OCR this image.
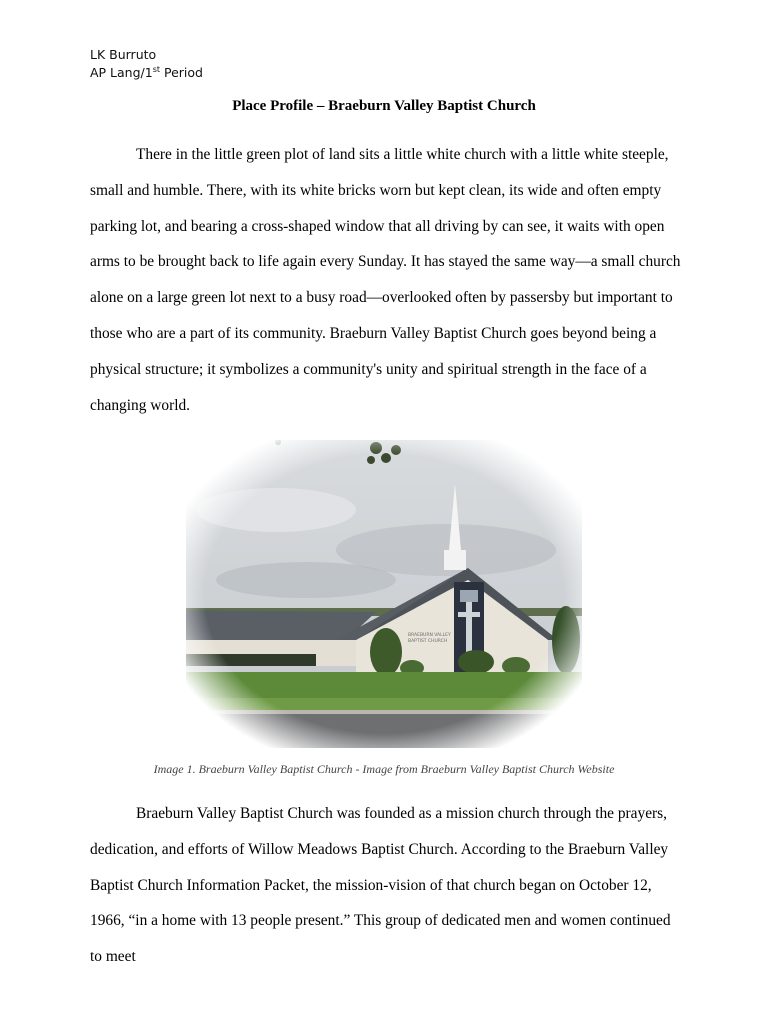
LK Burruto
AP Lang/1st Period
Place Profile – Braeburn Valley Baptist Church

There in the little green plot of land sits a little white church with a little white steeple, small and humble. There, with its white bricks worn but kept clean, its wide and often empty parking lot, and bearing a cross-shaped window that all driving by can see, it waits with open arms to be brought back to life again every Sunday. It has stayed the same way—a small church alone on a large green lot next to a busy road—overlooked often by passersby but important to those who are a part of its community. Braeburn Valley Baptist Church goes beyond being a physical structure; it symbolizes a community's unity and spiritual strength in the face of a changing world.

Image 1. Braeburn Valley Baptist Church - Image from Braeburn Valley Baptist Church Website

Braeburn Valley Baptist Church was founded as a mission church through the prayers, dedication, and efforts of Willow Meadows Baptist Church. According to the Braeburn Valley Baptist Church Information Packet, the mission-vision of that church began on October 12, 1966, “in a home with 13 people present.” This group of dedicated men and women continued to meet
